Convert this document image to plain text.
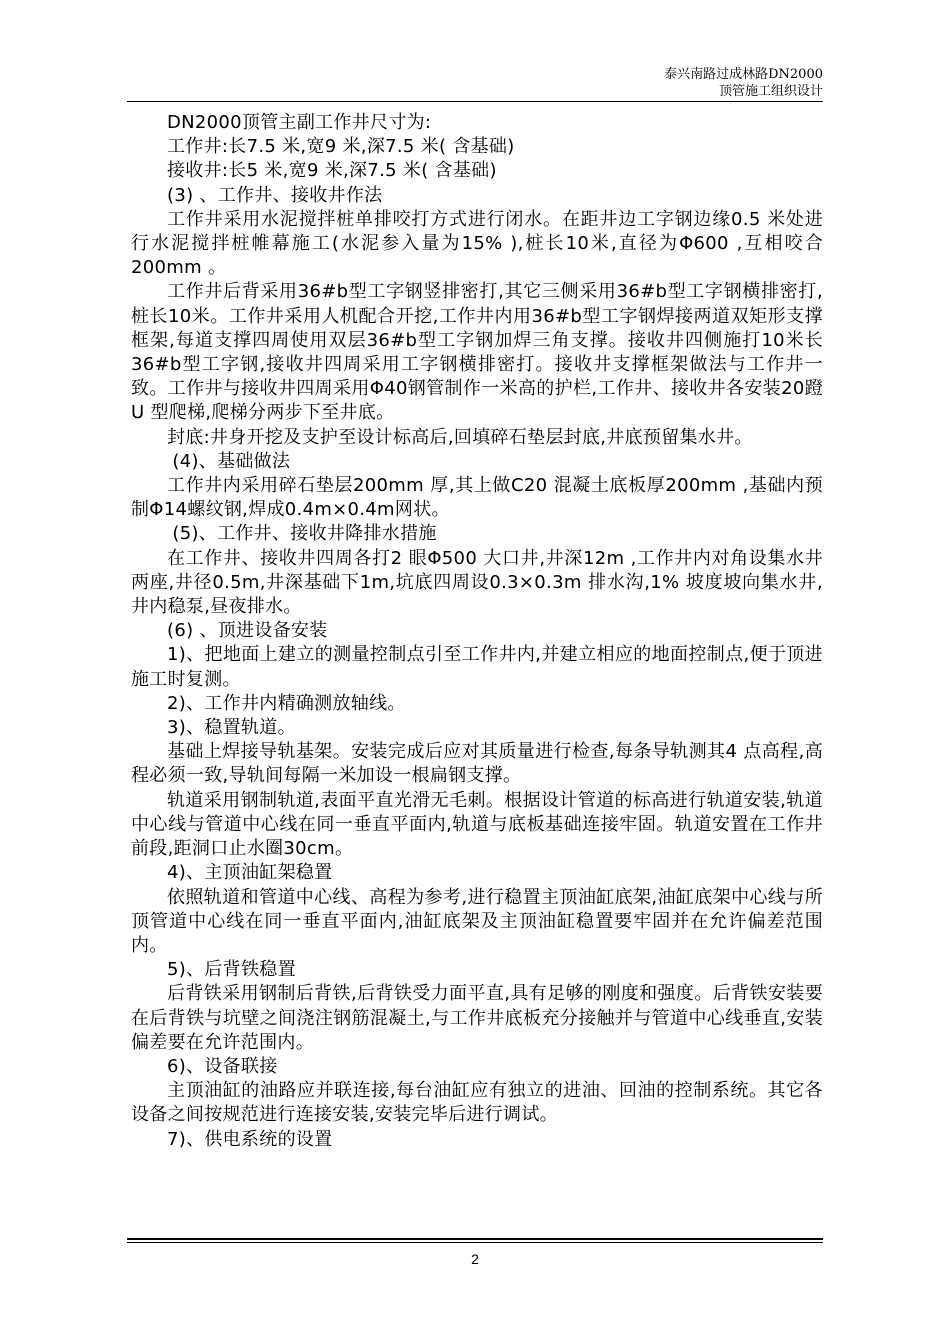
泰兴南路过成林路DN2000
顶管施工组织设计

DN2000顶管主副工作井尺寸为:

工作井:长7.5 米,宽9 米,深7.5 米( 含基础)

接收井:长5 米,宽9 米,深7.5 米( 含基础)

(3) 、工作井、接收井作法

工作井采用水泥搅拌桩单排咬打方式进行闭水。在距井边工字钢边缘0.5 米处进行水泥搅拌桩帷幕施工(水泥参入量为15% ),桩长10米,直径为Φ600 ,互相咬合200mm 。

工作井后背采用36#b型工字钢竖排密打,其它三侧采用36#b型工字钢横排密打,桩长10米。工作井采用人机配合开挖,工作井内用36#b型工字钢焊接两道双矩形支撑框架,每道支撑四周使用双层36#b型工字钢加焊三角支撑。接收井四侧施打10米长36#b型工字钢,接收井四周采用工字钢横排密打。接收井支撑框架做法与工作井一致。工作井与接收井四周采用Φ40钢管制作一米高的护栏,工作井、接收井各安装20蹬U 型爬梯,爬梯分两步下至井底。

封底:井身开挖及支护至设计标高后,回填碎石垫层封底,井底预留集水井。

(4)、基础做法

工作井内采用碎石垫层200mm 厚,其上做C20 混凝土底板厚200mm ,基础内预制Φ14螺纹钢,焊成0.4m×0.4m网状。

(5)、工作井、接收井降排水措施

在工作井、接收井四周各打2 眼Φ500 大口井,井深12m ,工作井内对角设集水井两座,井径0.5m,井深基础下1m,坑底四周设0.3×0.3m 排水沟,1% 坡度坡向集水井,井内稳泵,昼夜排水。

(6) 、顶进设备安装

1)、把地面上建立的测量控制点引至工作井内,并建立相应的地面控制点,便于顶进施工时复测。

2)、工作井内精确测放轴线。

3)、稳置轨道。

基础上焊接导轨基架。安装完成后应对其质量进行检查,每条导轨测其4 点高程,高程必须一致,导轨间每隔一米加设一根扁钢支撑。

轨道采用钢制轨道,表面平直光滑无毛刺。根据设计管道的标高进行轨道安装,轨道中心线与管道中心线在同一垂直平面内,轨道与底板基础连接牢固。轨道安置在工作井前段,距洞口止水圈30cm。

4)、主顶油缸架稳置

依照轨道和管道中心线、高程为参考,进行稳置主顶油缸底架,油缸底架中心线与所顶管道中心线在同一垂直平面内,油缸底架及主顶油缸稳置要牢固并在允许偏差范围内。

5)、后背铁稳置

后背铁采用钢制后背铁,后背铁受力面平直,具有足够的刚度和强度。后背铁安装要在后背铁与坑壁之间浇注钢筋混凝土,与工作井底板充分接触并与管道中心线垂直,安装偏差要在允许范围内。

6)、设备联接

主顶油缸的油路应并联连接,每台油缸应有独立的进油、回油的控制系统。其它各设备之间按规范进行连接安装,安装完毕后进行调试。

7)、供电系统的设置

2
